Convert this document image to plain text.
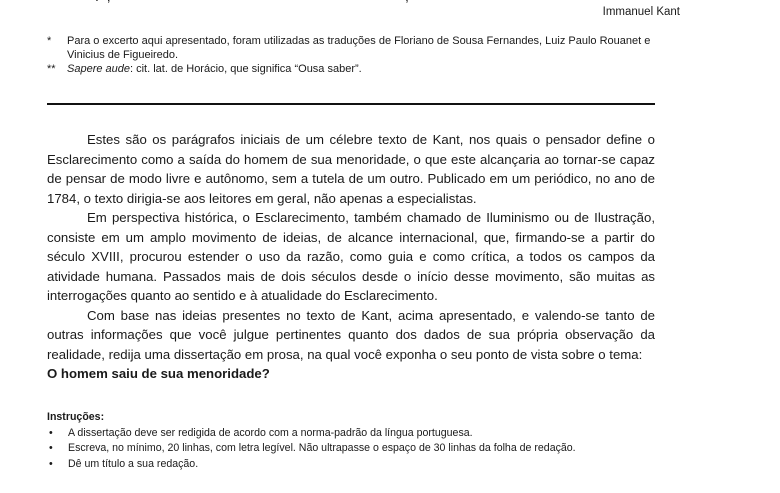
Immanuel Kant
* Para o excerto aqui apresentado, foram utilizadas as traduções de Floriano de Sousa Fernandes, Luiz Paulo Rouanet e Vinicius de Figueiredo.
** Sapere aude: cit. lat. de Horácio, que significa “Ousa saber”.

Estes são os parágrafos iniciais de um célebre texto de Kant, nos quais o pensador define o Esclarecimento como a saída do homem de sua menoridade, o que este alcançaria ao tornar-se capaz de pensar de modo livre e autônomo, sem a tutela de um outro. Publicado em um periódico, no ano de 1784, o texto dirigia-se aos leitores em geral, não apenas a especialistas.

Em perspectiva histórica, o Esclarecimento, também chamado de Iluminismo ou de Ilustração, consiste em um amplo movimento de ideias, de alcance internacional, que, firmando-se a partir do século XVIII, procurou estender o uso da razão, como guia e como crítica, a todos os campos da atividade humana. Passados mais de dois séculos desde o início desse movimento, são muitas as interrogações quanto ao sentido e à atualidade do Esclarecimento.

Com base nas ideias presentes no texto de Kant, acima apresentado, e valendo-se tanto de outras informações que você julgue pertinentes quanto dos dados de sua própria observação da realidade, redija uma dissertação em prosa, na qual você exponha o seu ponto de vista sobre o tema:

O homem saiu de sua menoridade?
Instruções:
• A dissertação deve ser redigida de acordo com a norma-padrão da língua portuguesa.
• Escreva, no mínimo, 20 linhas, com letra legível. Não ultrapasse o espaço de 30 linhas da folha de redação.
• Dê um título a sua redação.
